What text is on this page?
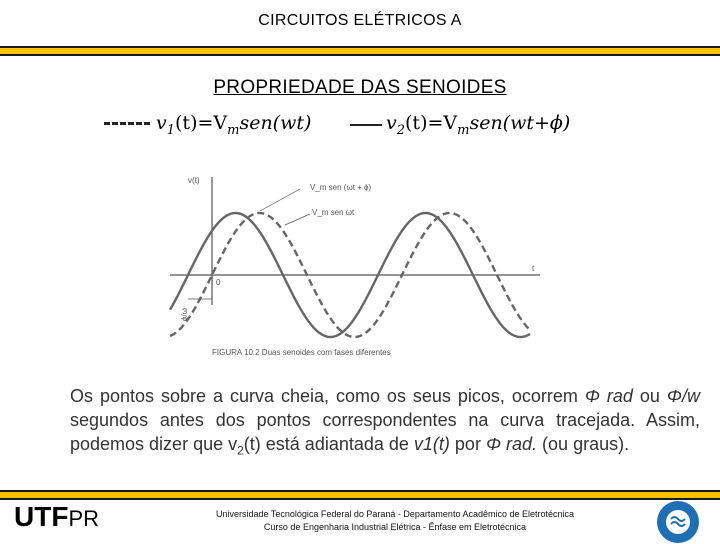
CIRCUITOS ELÉTRICOS A
PROPRIEDADE DAS SENOIDES
$v_1(t)=V_msen(wt)$	$v_2(t)=V_msen(wt+\phi)$
v(t)
t
0
V_m sen (ωt + ϕ)
V_m sen ωt
ϕ/ω
FIGURA 10.2 Duas senoides com fases diferentes
Os pontos sobre a curva cheia, como os seus picos, ocorrem Φ rad ou Φ/w segundos antes dos pontos correspondentes na curva tracejada. Assim, podemos dizer que $v_2(t)$ está adiantada de v1(t) por Φ rad. (ou graus).
UTFPR	Universidade Tecnológica Federal do Paraná - Departamento Acadêmico de Eletrotécnica
Curso de Engenharia Industrial Elétrica - Ênfase em Eletrotécnica
